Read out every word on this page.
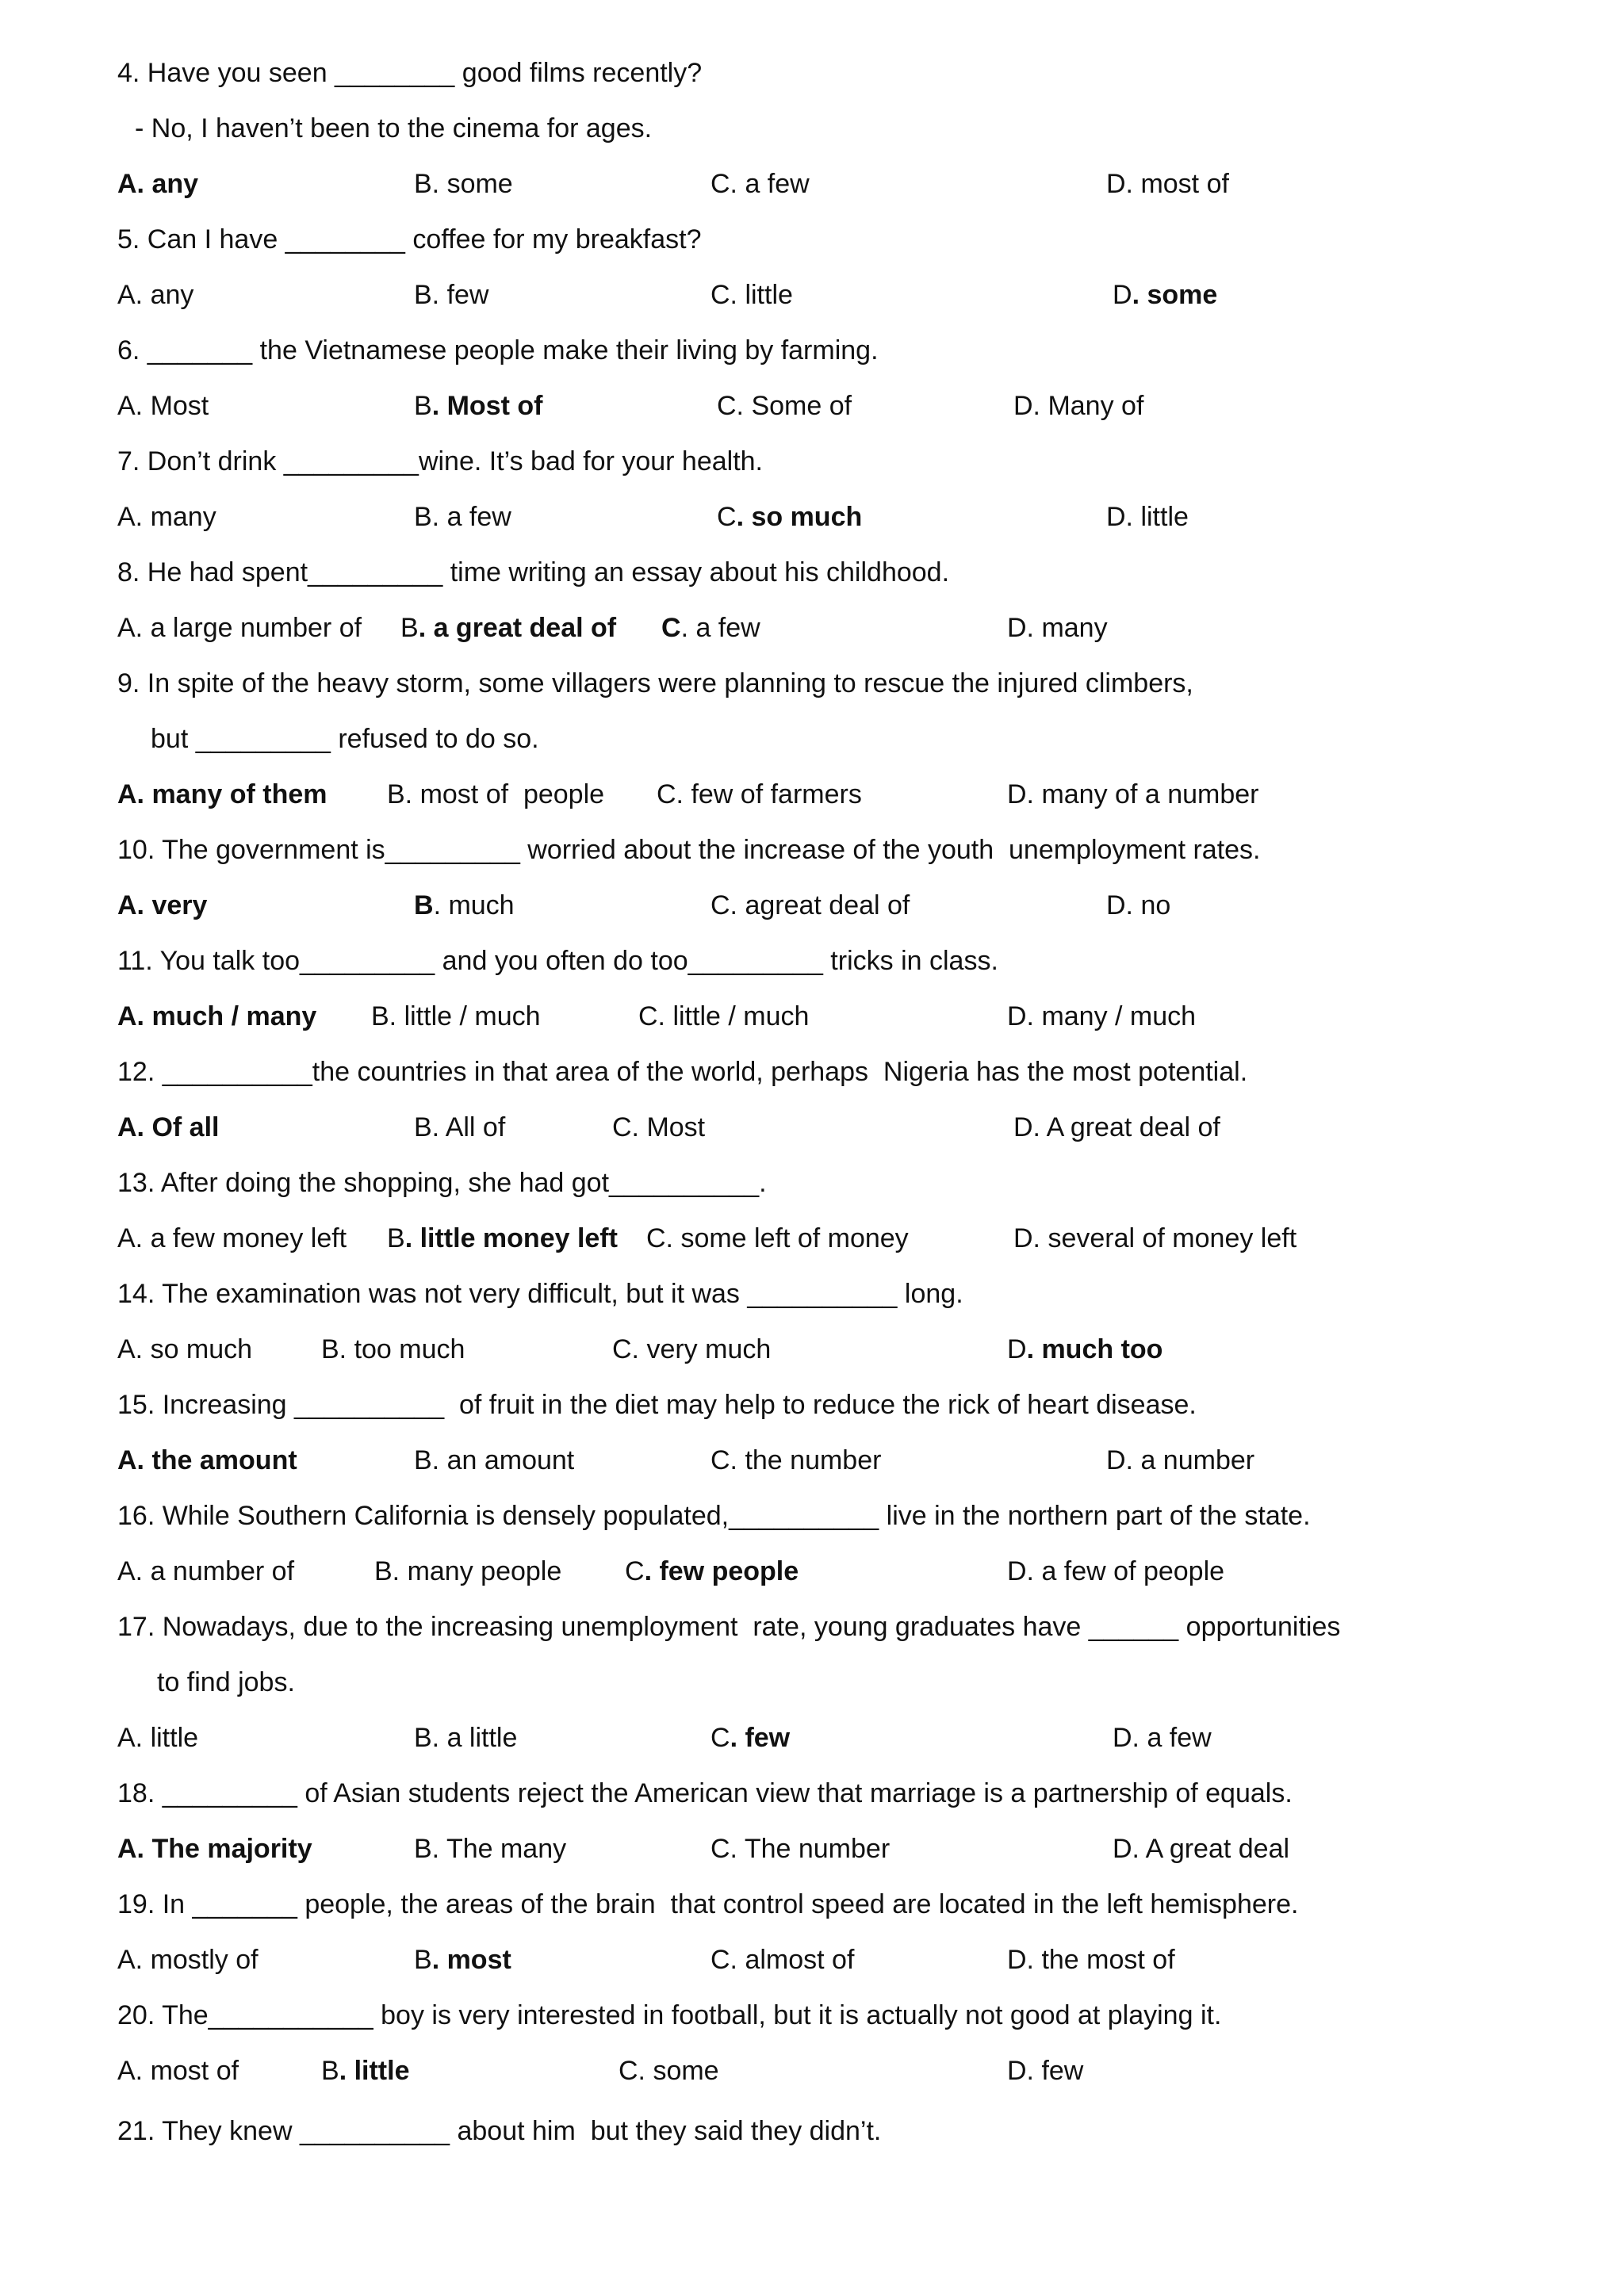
4. Have you seen ________ good films recently?
- No, I haven’t been to the cinema for ages.
A. any	B. some	C. a few	D. most of
5. Can I have ________ coffee for my breakfast?
A. any	B. few	C. little	D. some
6. _______ the Vietnamese people make their living by farming.
A. Most	B. Most of	C. Some of	D. Many of
7. Don’t drink _________wine. It’s bad for your health.
A. many	B. a few	C. so much	D. little
8. He had spent_________ time writing an essay about his childhood.
A. a large number of B. a great deal of C. a few	D. many
9. In spite of the heavy storm, some villagers were planning to rescue the injured climbers,
but _________ refused to do so.
A. many of them B. most of  people C. few of farmers	D. many of a number
10. The government is_________ worried about the increase of the youth  unemployment rates.
A. very	B. much	C. agreat deal of	D. no
11. You talk too_________ and you often do too_________ tricks in class.
A. much / many B. little / much	C. little / much	D. many / much
12. __________the countries in that area of the world, perhaps  Nigeria has the most potential.
A. Of all	B. All of	C. Most	D. A great deal of
13. After doing the shopping, she had got__________.
A. a few money left B. little money left C. some left of money	D. several of money left
14. The examination was not very difficult, but it was __________ long.
A. so much	B. too much	C. very much	D. much too
15. Increasing __________  of fruit in the diet may help to reduce the rick of heart disease.
A. the amount	B. an amount	C. the number	D. a number
16. While Southern California is densely populated,__________ live in the northern part of the state.
A. a number of	B. many people C. few people	D. a few of people
17. Nowadays, due to the increasing unemployment  rate, young graduates have ______ opportunities
to find jobs.
A. little	B. a little	C. few	D. a few
18. _________ of Asian students reject the American view that marriage is a partnership of equals.
A. The majority	B. The many	C. The number	D. A great deal
19. In _______ people, the areas of the brain  that control speed are located in the left hemisphere.
A. mostly of	B. most	C. almost of	D. the most of
20. The___________ boy is very interested in football, but it is actually not good at playing it.
A. most of	B. little	C. some	D. few
21. They knew __________ about him  but they said they didn’t.
